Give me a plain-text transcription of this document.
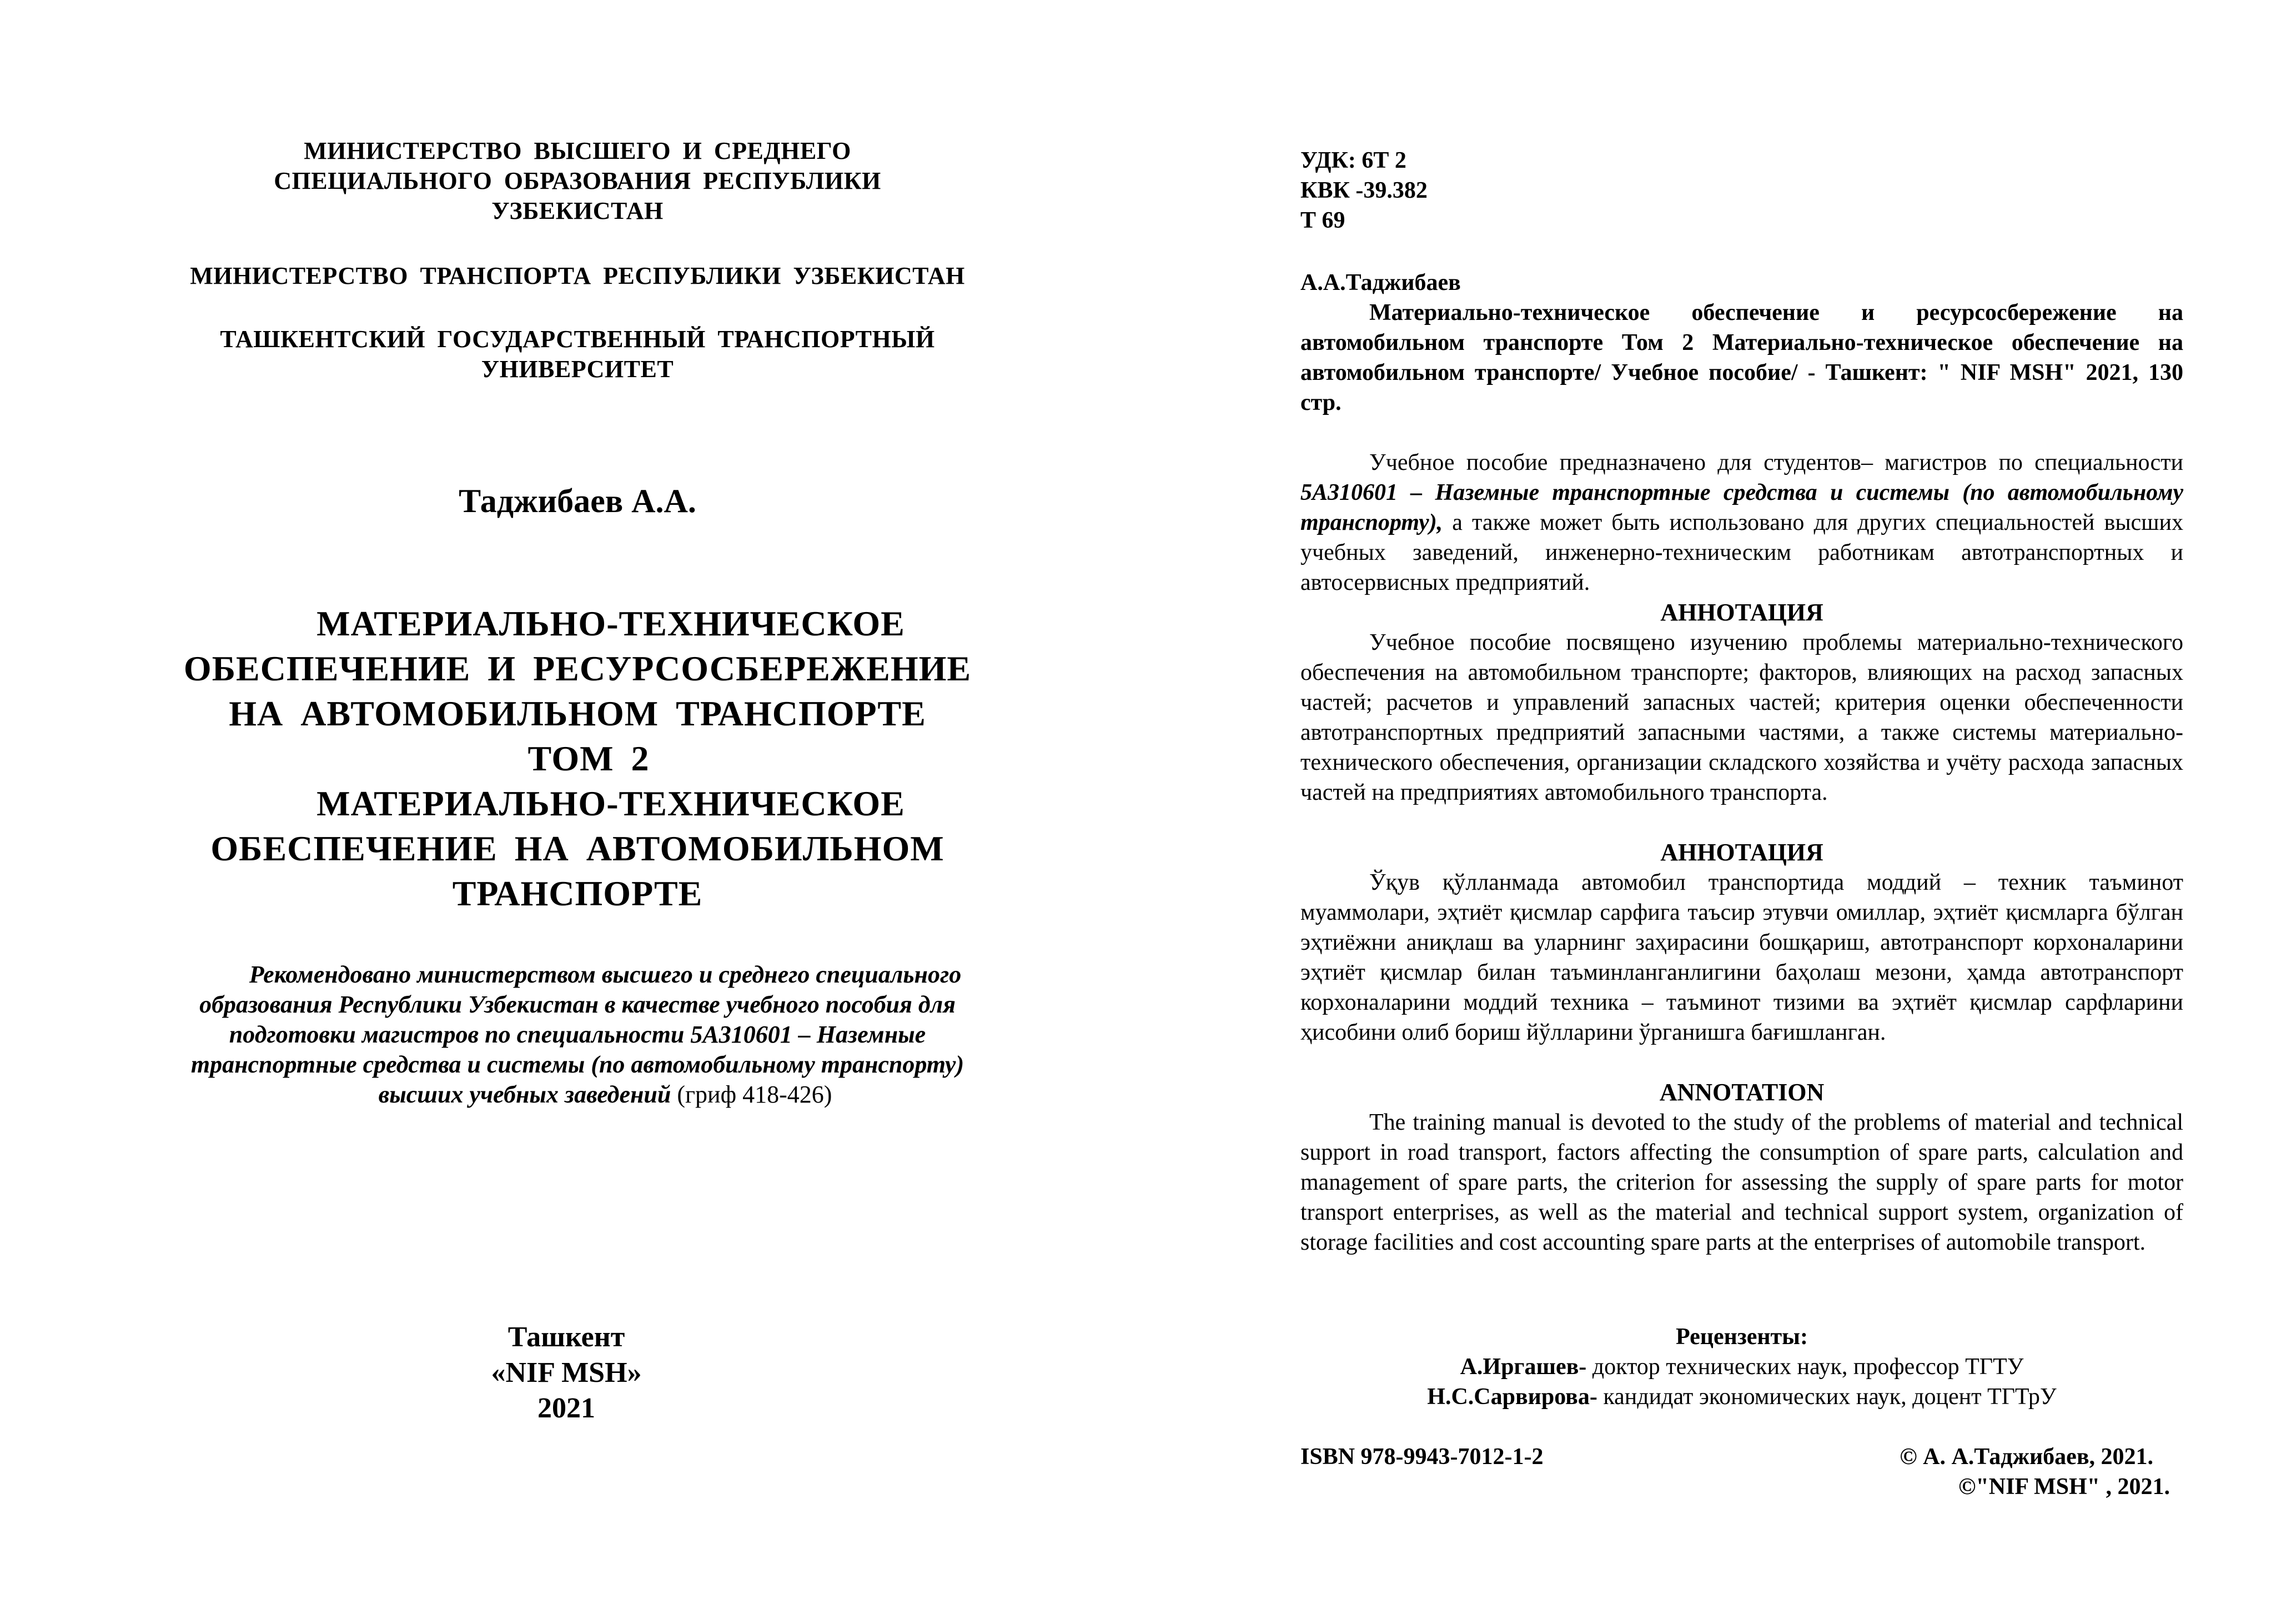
МИНИСТЕРСТВО ВЫСШЕГО И СРЕДНЕГО
СПЕЦИАЛЬНОГО ОБРАЗОВАНИЯ РЕСПУБЛИКИ
УЗБЕКИСТАН
МИНИСТЕРСТВО ТРАНСПОРТА РЕСПУБЛИКИ УЗБЕКИСТАН
ТАШКЕНТСКИЙ ГОСУДАРСТВЕННЫЙ ТРАНСПОРТНЫЙ
УНИВЕРСИТЕТ
Таджибаев А.А.
МАТЕРИАЛЬНО-ТЕХНИЧЕСКОЕ
ОБЕСПЕЧЕНИЕ И РЕСУРСОСБЕРЕЖЕНИЕ
НА АВТОМОБИЛЬНОМ ТРАНСПОРТЕ
ТОМ 2
МАТЕРИАЛЬНО-ТЕХНИЧЕСКОЕ
ОБЕСПЕЧЕНИЕ НА АВТОМОБИЛЬНОМ
ТРАНСПОРТЕ
Рекомендовано министерством высшего и среднего специального
образования Республики Узбекистан в качестве учебного пособия для
подготовки магистров по специальности 5А310601 – Наземные
транспортные средства и системы (по автомобильному транспорту)
высших учебных заведений (гриф 418-426)
Ташкент
«NIF MSH»
2021
УДК: 6Т 2
КВК -39.382
Т 69
А.А.Таджибаев
Материально-техническое обеспечение и ресурсосбережение на автомобильном транспорте Том 2 Материально-техническое обеспечение на автомобильном транспорте/ Учебное пособие/ - Ташкент: " NIF MSH" 2021, 130 стр.
Учебное пособие предназначено для студентов– магистров по специальности 5А310601 – Наземные транспортные средства и системы (по автомобильному транспорту), а также может быть использовано для других специальностей высших учебных заведений, инженерно-техническим работникам автотранспортных и автосервисных предприятий.
АННОТАЦИЯ
Учебное пособие посвящено изучению проблемы материально-технического обеспечения на автомобильном транспорте; факторов, влияющих на расход запасных частей; расчетов и управлений запасных частей; критерия оценки обеспеченности автотранспортных предприятий запасными частями, а также системы материально-технического обеспечения, организации складского хозяйства и учёту расхода запасных частей на предприятиях автомобильного транспорта.
АННОТАЦИЯ
Ўқув қўлланмада автомобил транспортида моддий – техник таъминот муаммолари, эҳтиёт қисмлар сарфига таъсир этувчи омиллар, эҳтиёт қисмларга бўлган эҳтиёжни аниқлаш ва уларнинг заҳирасини бошқариш, автотранспорт корхоналарини эҳтиёт қисмлар билан таъминланганлигини баҳолаш мезони, ҳамда автотранспорт корхоналарини моддий техника – таъминот тизими ва эҳтиёт қисмлар сарфларини ҳисобини олиб бориш йўлларини ўрганишга бағишланган.
ANNOTATION
The training manual is devoted to the study of the problems of material and technical support in road transport, factors affecting the consumption of spare parts, calculation and management of spare parts, the criterion for assessing the supply of spare parts for motor transport enterprises, as well as the material and technical support system, organization of storage facilities and cost accounting spare parts at the enterprises of automobile transport.
Рецензенты:
А.Иргашев- доктор технических наук, профессор ТГТУ
Н.С.Сарвирова- кандидат экономических наук, доцент ТГТрУ
ISBN 978-9943-7012-1-2	© А. А.Таджибаев, 2021.
©"NIF MSH" , 2021.
